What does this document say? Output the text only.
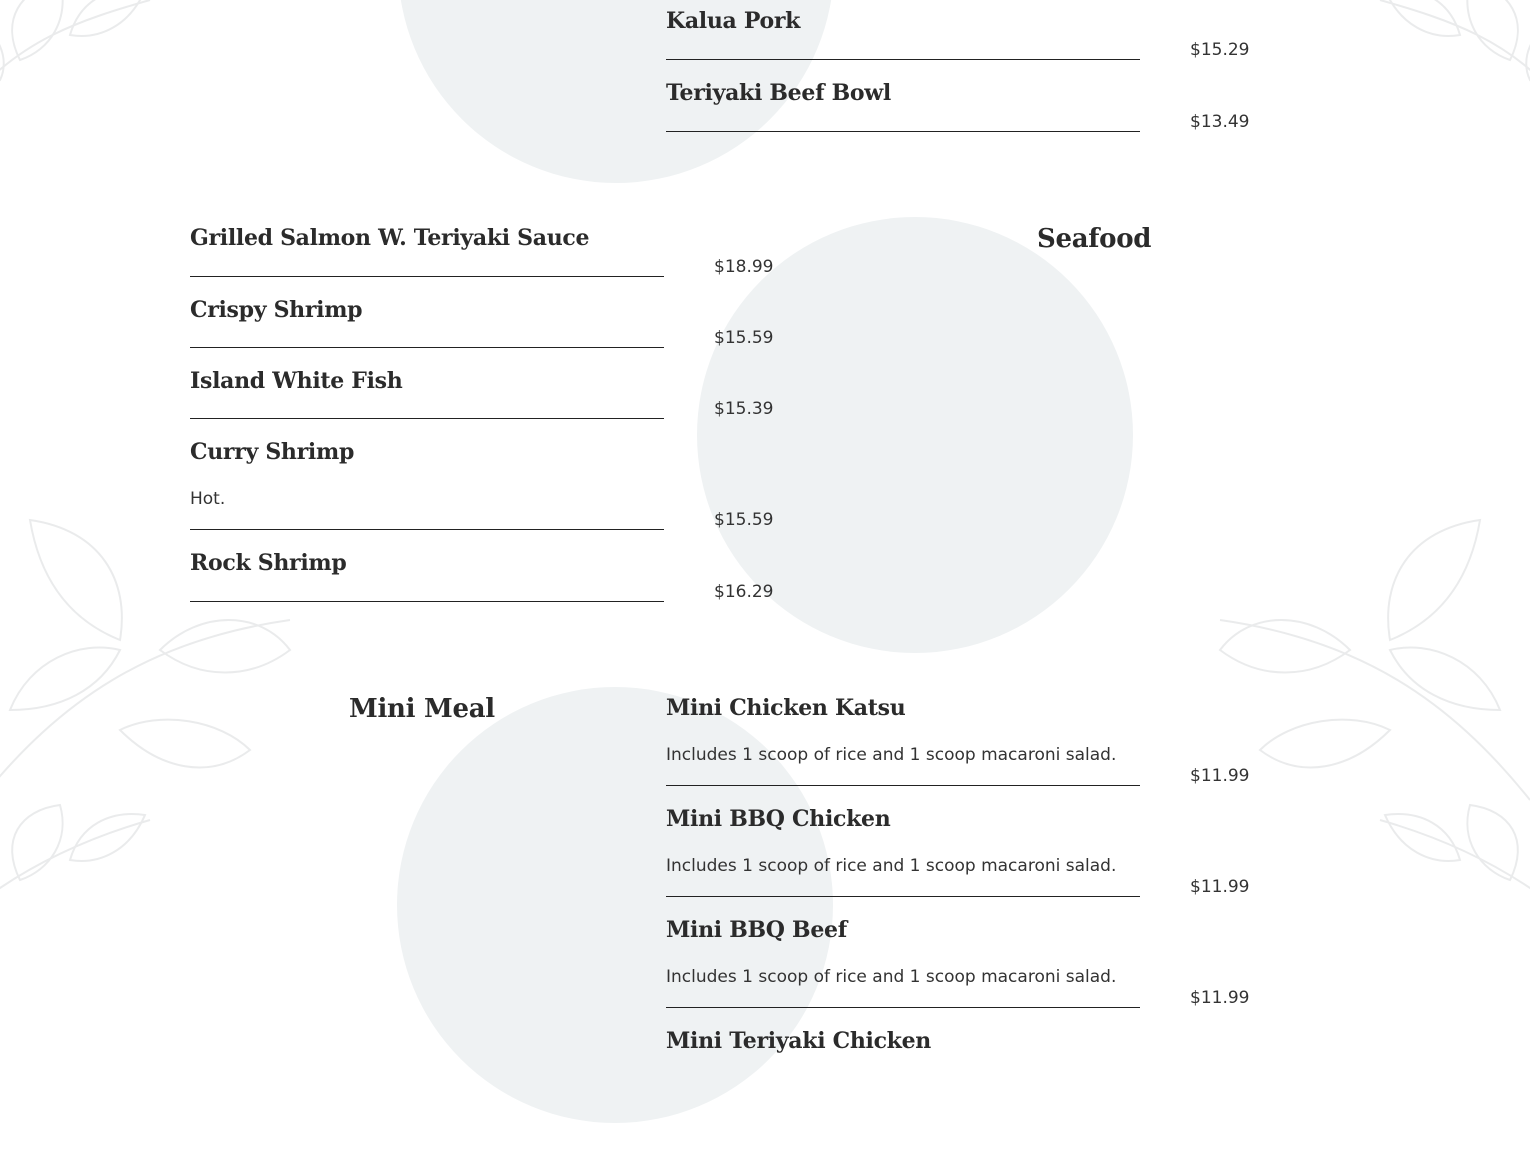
Kalua Pork
$15.29
Teriyaki Beef Bowl
$13.49
Seafood
Grilled Salmon W. Teriyaki Sauce
$18.99
Crispy Shrimp
$15.59
Island White Fish
$15.39
Curry Shrimp
Hot.
$15.59
Rock Shrimp
$16.29
Mini Meal	Mini Chicken Katsu
Includes 1 scoop of rice and 1 scoop macaroni salad.
$11.99
Mini BBQ Chicken
Includes 1 scoop of rice and 1 scoop macaroni salad.
$11.99
Mini BBQ Beef
Includes 1 scoop of rice and 1 scoop macaroni salad.
$11.99
Mini Teriyaki Chicken
